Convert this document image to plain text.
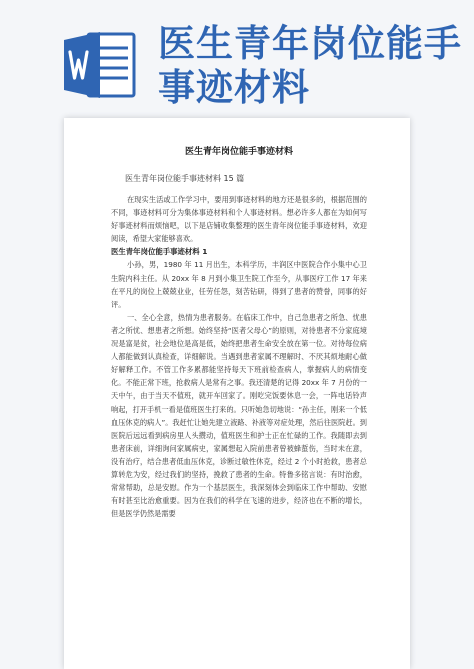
医生青年岗位能手事迹材料

医生青年岗位能手事迹材料

医生青年岗位能手事迹材料 15 篇

在现实生活或工作学习中，要用到事迹材料的地方还是很多的，根据范围的不同，事迹材料可分为集体事迹材料和个人事迹材料。想必许多人都在为如何写好事迹材料而烦恼吧，以下是店铺收集整理的医生青年岗位能手事迹材料，欢迎阅读，希望大家能够喜欢。

医生青年岗位能手事迹材料 1

小孙，男，1980 年 11 月出生，本科学历，丰润区中医院合作小集中心卫生院内科主任。从 20xx 年 8 月到小集卫生院工作至今，从事医疗工作 17 年来在平凡的岗位上兢兢业业，任劳任怨，刻苦钻研，得到了患者的赞誉，同事的好评。

一、全心全意，热情为患者服务。在临床工作中，自己急患者之所急、忧患者之所忧、想患者之所想。始终坚持“医者父母心”的原则，对待患者不分家庭境况是富是贫，社会地位是高是低，始终把患者生命安全放在第一位。对待每位病人都能做到认真检查，详细解说。当遇到患者家属不理解时、不厌其烦地耐心做好解释工作。不管工作多累都能坚持每天下班前检查病人，掌握病人的病情变化。不能正常下班，抢救病人是常有之事。我还清楚的记得 20xx 年 7 月份的一天中午，由于当天不值班，就开车回家了。刚吃完饭要休息一会，一阵电话铃声响起，打开手机一看是值班医生打来的。只听她急切地说：“孙主任，刚来一个低血压休克的病人”。我赶忙让她先建立液路、补液等对症处理，然后往医院赶。到医院后远远看到病房里人头攒动，值班医生和护士正在忙碌的工作。我随即去到患者床前，详细询问家属病史，家属想起入院前患者曾被蜂蜇伤，当时未在意，没有治疗，结合患者低血压休克，诊断过敏性休克，经过 2 个小时抢救，患者总算转危为安，经过我们的坚持，挽救了患者的生命。特鲁多铭言说：有时治愈，常常帮助，总是安慰。作为一个基层医生，我深刻体会到临床工作中帮助、安慰有时甚至比治愈重要。因为在我们的科学在飞速的进步，经济也在不断的增长，但是医学仍然是需要
